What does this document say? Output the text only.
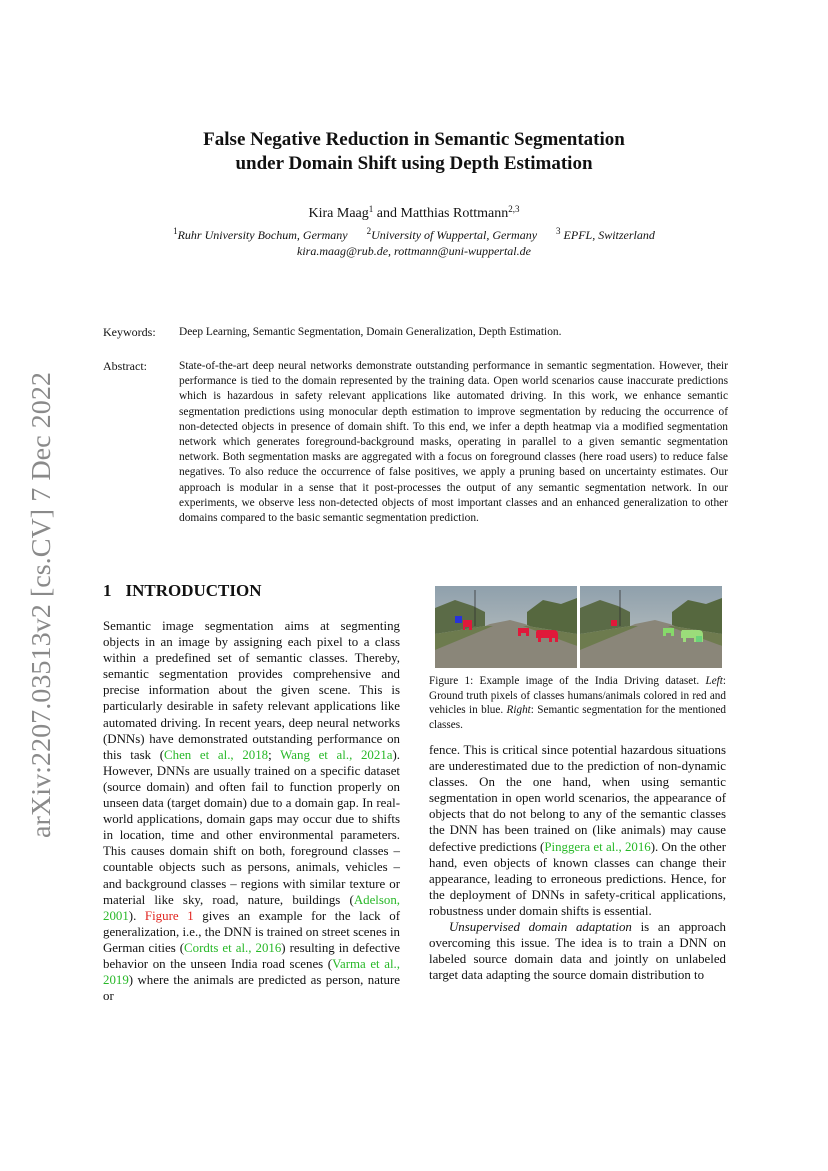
arXiv:2207.03513v2 [cs.CV] 7 Dec 2022
False Negative Reduction in Semantic Segmentation
under Domain Shift using Depth Estimation
Kira Maag$^1$ and Matthias Rottmann$^{2,3}$
$^1$Ruhr University Bochum, Germany $^2$University of Wuppertal, Germany $^3$ EPFL, Switzerland
kira.maag@rub.de, rottmann@uni-wuppertal.de
Keywords: Deep Learning, Semantic Segmentation, Domain Generalization, Depth Estimation.
Abstract:	State-of-the-art deep neural networks demonstrate outstanding performance in semantic segmentation. However, their performance is tied to the domain represented by the training data. Open world scenarios cause inaccurate predictions which is hazardous in safety relevant applications like automated driving. In this work, we enhance semantic segmentation predictions using monocular depth estimation to improve segmentation by reducing the occurrence of non-detected objects in presence of domain shift. To this end, we infer a depth heatmap via a modified segmentation network which generates foreground-background masks, operating in parallel to a given semantic segmentation network. Both segmentation masks are aggregated with a focus on foreground classes (here road users) to reduce false negatives. To also reduce the occurrence of false positives, we apply a pruning based on uncertainty estimates. Our approach is modular in a sense that it post-processes the output of any semantic segmentation network. In our experiments, we observe less non-detected objects of most important classes and an enhanced generalization to other domains compared to the basic semantic segmentation prediction.
1 INTRODUCTION

Semantic image segmentation aims at segmenting objects in an image by assigning each pixel to a class within a predefined set of semantic classes. Thereby, semantic segmentation provides comprehensive and precise information about the given scene. This is particularly desirable in safety relevant applications like automated driving. In recent years, deep neural networks (DNNs) have demonstrated outstanding performance on this task (Chen et al., 2018; Wang et al., 2021a). However, DNNs are usually trained on a specific dataset (source domain) and often fail to function properly on unseen data (target domain) due to a domain gap. In real-world applications, domain gaps may occur due to shifts in location, time and other environmental parameters. This causes domain shift on both, foreground classes – countable objects such as persons, animals, vehicles – and background classes – regions with similar texture or material like sky, road, nature, buildings (Adelson, 2001). Figure 1 gives an example for the lack of generalization, i.e., the DNN is trained on street scenes in German cities (Cordts et al., 2016) resulting in defective behavior on the unseen India road scenes (Varma et al., 2019) where the animals are predicted as person, nature or

Figure 1: Example image of the India Driving dataset. Left: Ground truth pixels of classes humans/animals colored in red and vehicles in blue. Right: Semantic segmentation for the mentioned classes.

fence. This is critical since potential hazardous situations are underestimated due to the prediction of non-dynamic classes. On the one hand, when using semantic segmentation in open world scenarios, the appearance of objects that do not belong to any of the semantic classes the DNN has been trained on (like animals) may cause defective predictions (Pinggera et al., 2016). On the other hand, even objects of known classes can change their appearance, leading to erroneous predictions. Hence, for the deployment of DNNs in safety-critical applications, robustness under domain shifts is essential.

Unsupervised domain adaptation is an approach overcoming this issue. The idea is to train a DNN on labeled source domain data and jointly on unlabeled target data adapting the source domain distribution to
